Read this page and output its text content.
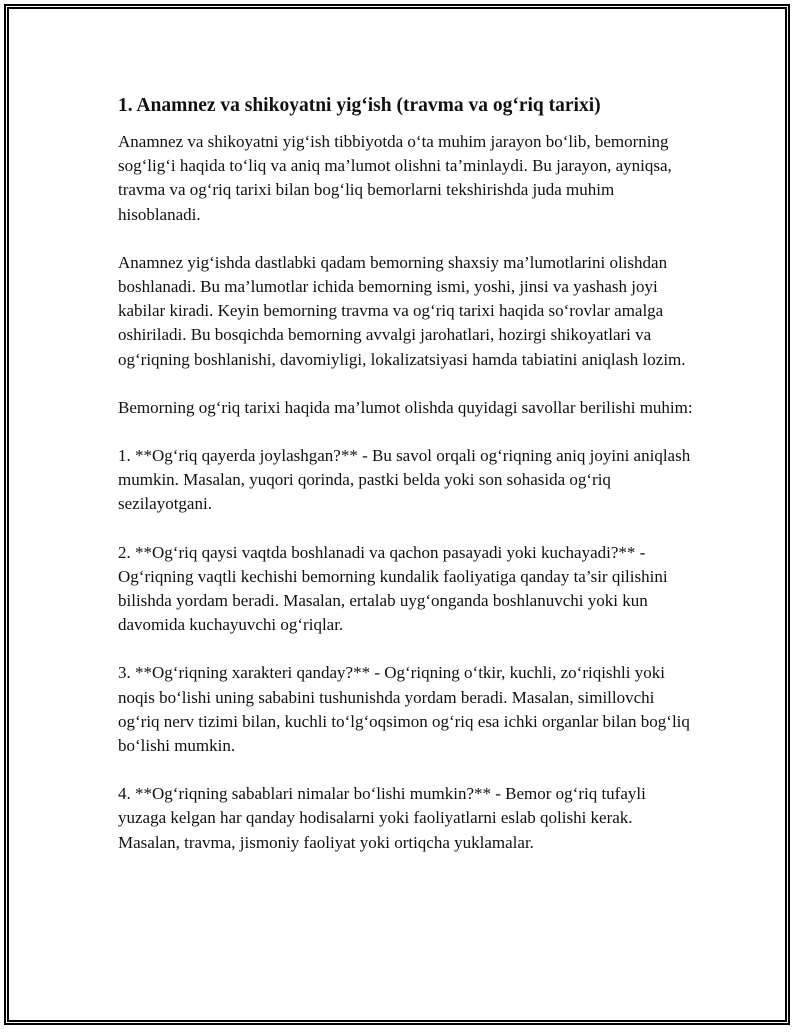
1. Anamnez va shikoyatni yig‘ish (travma va og‘riq tarixi)

Anamnez va shikoyatni yig‘ish tibbiyotda o‘ta muhim jarayon bo‘lib, bemorning sog‘lig‘i haqida to‘liq va aniq ma’lumot olishni ta’minlaydi. Bu jarayon, ayniqsa, travma va og‘riq tarixi bilan bog‘liq bemorlarni tekshirishda juda muhim hisoblanadi.

Anamnez yig‘ishda dastlabki qadam bemorning shaxsiy ma’lumotlarini olishdan boshlanadi. Bu ma’lumotlar ichida bemorning ismi, yoshi, jinsi va yashash joyi kabilar kiradi. Keyin bemorning travma va og‘riq tarixi haqida so‘rovlar amalga oshiriladi. Bu bosqichda bemorning avvalgi jarohatlari, hozirgi shikoyatlari va og‘riqning boshlanishi, davomiyligi, lokalizatsiyasi hamda tabiatini aniqlash lozim.

Bemorning og‘riq tarixi haqida ma’lumot olishda quyidagi savollar berilishi muhim:

1. **Og‘riq qayerda joylashgan?** - Bu savol orqali og‘riqning aniq joyini aniqlash mumkin. Masalan, yuqori qorinda, pastki belda yoki son sohasida og‘riq sezilayotgani.

2. **Og‘riq qaysi vaqtda boshlanadi va qachon pasayadi yoki kuchayadi?** - Og‘riqning vaqtli kechishi bemorning kundalik faoliyatiga qanday ta’sir qilishini bilishda yordam beradi. Masalan, ertalab uyg‘onganda boshlanuvchi yoki kun davomida kuchayuvchi og‘riqlar.

3. **Og‘riqning xarakteri qanday?** - Og‘riqning o‘tkir, kuchli, zo‘riqishli yoki noqis bo‘lishi uning sababini tushunishda yordam beradi. Masalan, simillovchi og‘riq nerv tizimi bilan, kuchli to‘lg‘oqsimon og‘riq esa ichki organlar bilan bog‘liq bo‘lishi mumkin.

4. **Og‘riqning sabablari nimalar bo‘lishi mumkin?** - Bemor og‘riq tufayli yuzaga kelgan har qanday hodisalarni yoki faoliyatlarni eslab qolishi kerak. Masalan, travma, jismoniy faoliyat yoki ortiqcha yuklamalar.
